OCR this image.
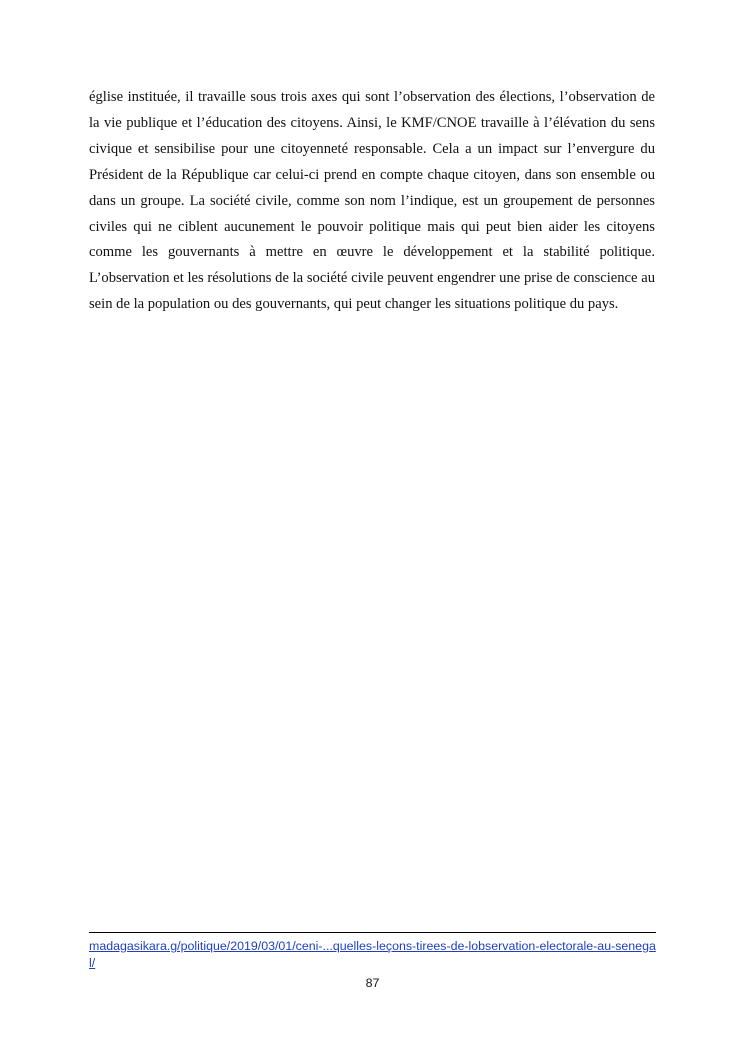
église instituée, il travaille sous trois axes qui sont l’observation des élections, l’observation de la vie publique et l’éducation des citoyens. Ainsi, le KMF/CNOE travaille à l’élévation du sens civique et sensibilise pour une citoyenneté responsable. Cela a un impact sur l’envergure du Président de la République car celui-ci prend en compte chaque citoyen, dans son ensemble ou dans un groupe. La société civile, comme son nom l’indique, est un groupement de personnes civiles qui ne ciblent aucunement le pouvoir politique mais qui peut bien aider les citoyens comme les gouvernants à mettre en œuvre le développement et la stabilité politique. L’observation et les résolutions de la société civile peuvent engendrer une prise de conscience au sein de la population ou des gouvernants, qui peut changer les situations politique du pays.

madagasikara.g/politique/2019/03/01/ceni-...quelles-leçons-tirees-de-lobservation-electorale-au-senegal/

87
